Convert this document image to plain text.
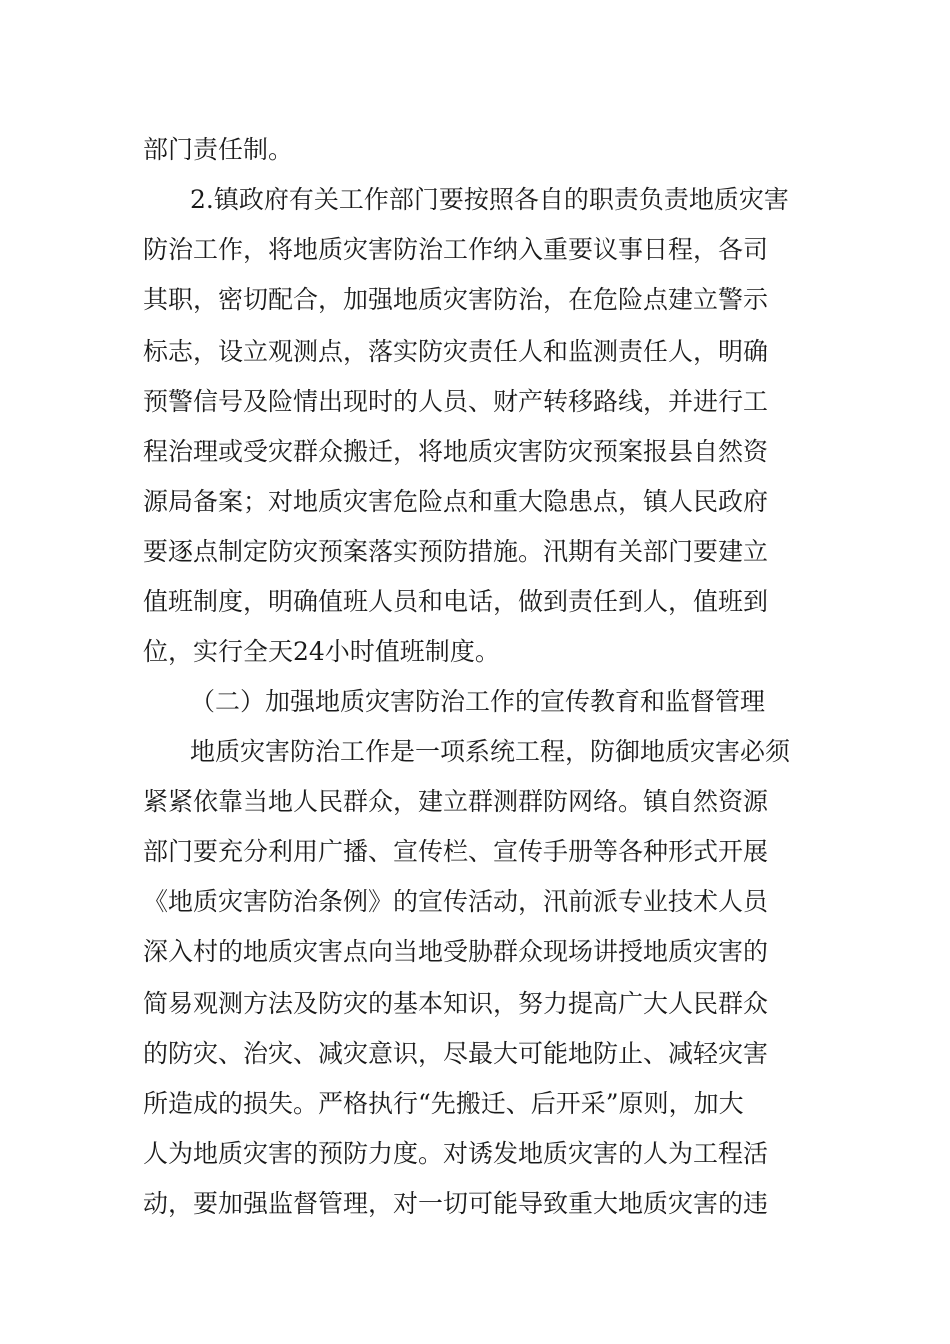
部门责任制。
2.镇政府有关工作部门要按照各自的职责负责地质灾害
防治工作，将地质灾害防治工作纳入重要议事日程，各司
其职，密切配合，加强地质灾害防治，在危险点建立警示
标志，设立观测点，落实防灾责任人和监测责任人，明确
预警信号及险情出现时的人员、财产转移路线，并进行工
程治理或受灾群众搬迁，将地质灾害防灾预案报县自然资
源局备案；对地质灾害危险点和重大隐患点，镇人民政府
要逐点制定防灾预案落实预防措施。汛期有关部门要建立
值班制度，明确值班人员和电话，做到责任到人，值班到
位，实行全天24小时值班制度。
（二）加强地质灾害防治工作的宣传教育和监督管理
地质灾害防治工作是一项系统工程，防御地质灾害必须
紧紧依靠当地人民群众，建立群测群防网络。镇自然资源
部门要充分利用广播、宣传栏、宣传手册等各种形式开展
《地质灾害防治条例》的宣传活动，汛前派专业技术人员
深入村的地质灾害点向当地受胁群众现场讲授地质灾害的
简易观测方法及防灾的基本知识，努力提高广大人民群众
的防灾、治灾、减灾意识，尽最大可能地防止、减轻灾害
所造成的损失。严格执行“先搬迁、后开采”原则，加大
人为地质灾害的预防力度。对诱发地质灾害的人为工程活
动，要加强监督管理，对一切可能导致重大地质灾害的违
